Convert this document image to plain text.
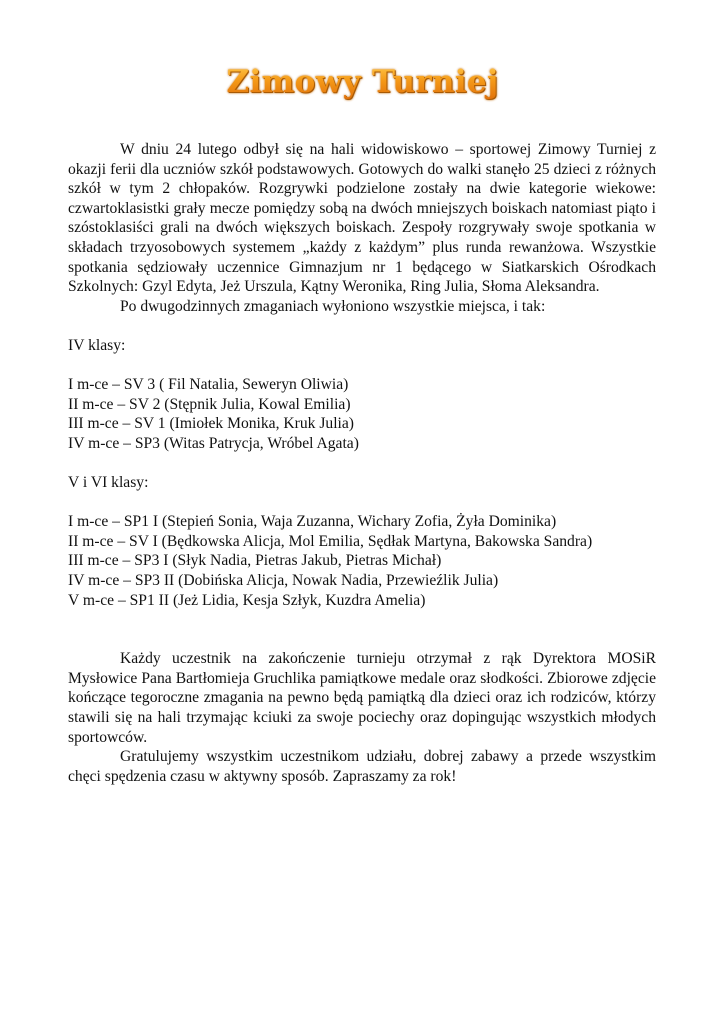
Zimowy Turniej

W dniu 24 lutego odbył się na hali widowiskowo – sportowej Zimowy Turniej z okazji ferii dla uczniów szkół podstawowych. Gotowych do walki stanęło 25 dzieci z różnych szkół w tym 2 chłopaków. Rozgrywki podzielone zostały na dwie kategorie wiekowe: czwartoklasistki grały mecze pomiędzy sobą na dwóch mniejszych boiskach natomiast piąto i szóstoklasiści grali na dwóch większych boiskach. Zespoły rozgrywały swoje spotkania w składach trzyosobowych systemem „każdy z każdym” plus runda rewanżowa. Wszystkie spotkania sędziowały uczennice Gimnazjum nr 1 będącego w Siatkarskich Ośrodkach Szkolnych: Gzyl Edyta, Jeż Urszula, Kątny Weronika, Ring Julia, Słoma Aleksandra.

Po dwugodzinnych zmaganiach wyłoniono wszystkie miejsca, i tak:

IV klasy:

I m-ce – SV 3 ( Fil Natalia, Seweryn Oliwia)

II m-ce – SV 2 (Stępnik Julia, Kowal Emilia)

III m-ce – SV 1 (Imiołek Monika, Kruk Julia)

IV m-ce – SP3 (Witas Patrycja, Wróbel Agata)

V i VI klasy:

I m-ce – SP1 I (Stepień Sonia, Waja Zuzanna, Wichary Zofia, Żyła Dominika)

II m-ce – SV I (Będkowska Alicja, Mol Emilia, Sędłak Martyna, Bakowska Sandra)

III m-ce – SP3 I (Słyk Nadia, Pietras Jakub, Pietras Michał)

IV m-ce – SP3 II (Dobińska Alicja, Nowak Nadia, Przewieźlik Julia)

V m-ce – SP1 II (Jeż Lidia, Kesja Szłyk, Kuzdra Amelia)

Każdy uczestnik na zakończenie turnieju otrzymał z rąk Dyrektora MOSiR Mysłowice Pana Bartłomieja Gruchlika pamiątkowe medale oraz słodkości. Zbiorowe zdjęcie kończące tegoroczne zmagania na pewno będą pamiątką dla dzieci oraz ich rodziców, którzy stawili się na hali trzymając kciuki za swoje pociechy oraz dopingując wszystkich młodych sportowców.

Gratulujemy wszystkim uczestnikom udziału, dobrej zabawy a przede wszystkim chęci spędzenia czasu w aktywny sposób. Zapraszamy za rok!
